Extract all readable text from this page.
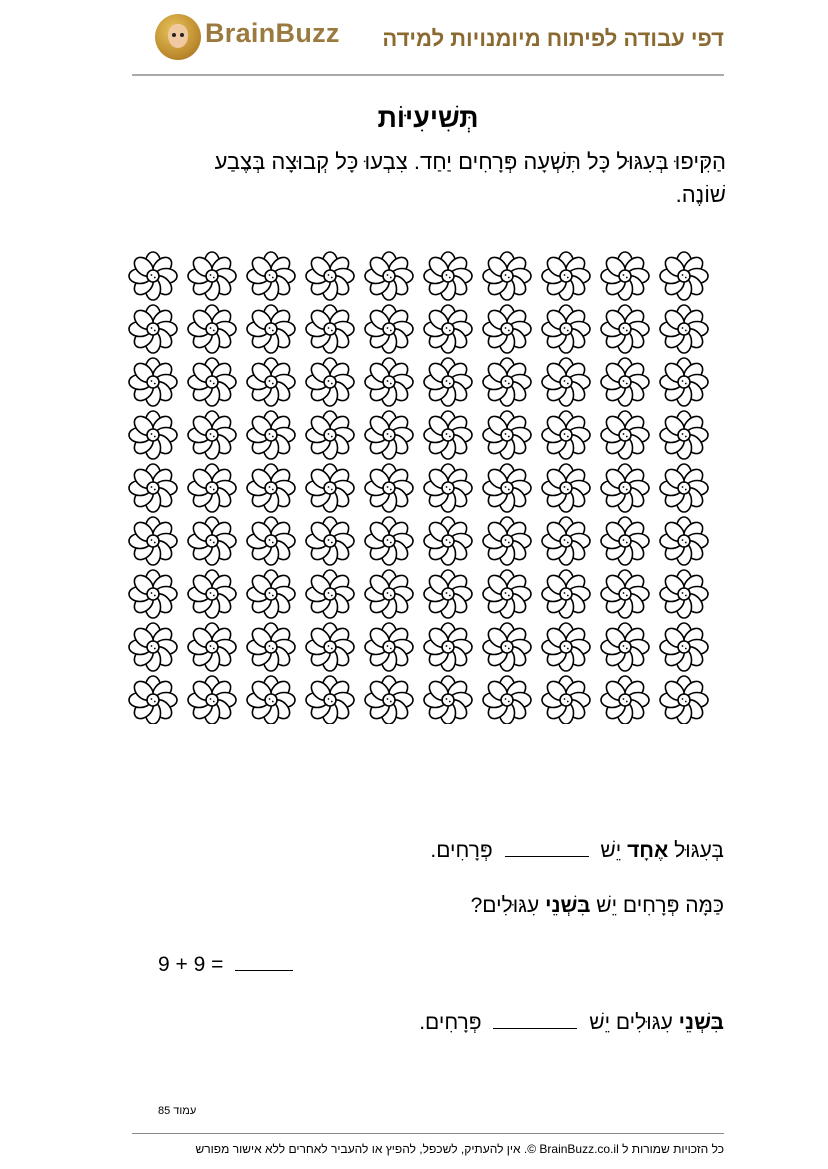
BrainBuzz דפי עבודה לפיתוח מיומנויות למידה
תְּשִׁיעִיּוֹת
הַקִּיפוּ בְּעִגּוּל כָּל תִּשְׁעָה פְּרָחִים יַחַד. צִבְעוּ כָּל קְבוּצָה בְּצֶבַע שׁוֹנֶה.
בְּעִגּוּל אֶחָד יֵשׁ  פְּרָחִים.
כַּמָּה פְּרָחִים יֵשׁ בִּשְׁנֵי עִגּוּלִים?
9 + 9 =
בִּשְׁנֵי עִגּוּלִים יֵשׁ  פְּרָחִים.
עמוד 85
כל הזכויות שמורות ל BrainBuzz.co.il ©. אין להעתיק, לשכפל, להפיץ או להעביר לאחרים ללא אישור מפורש
